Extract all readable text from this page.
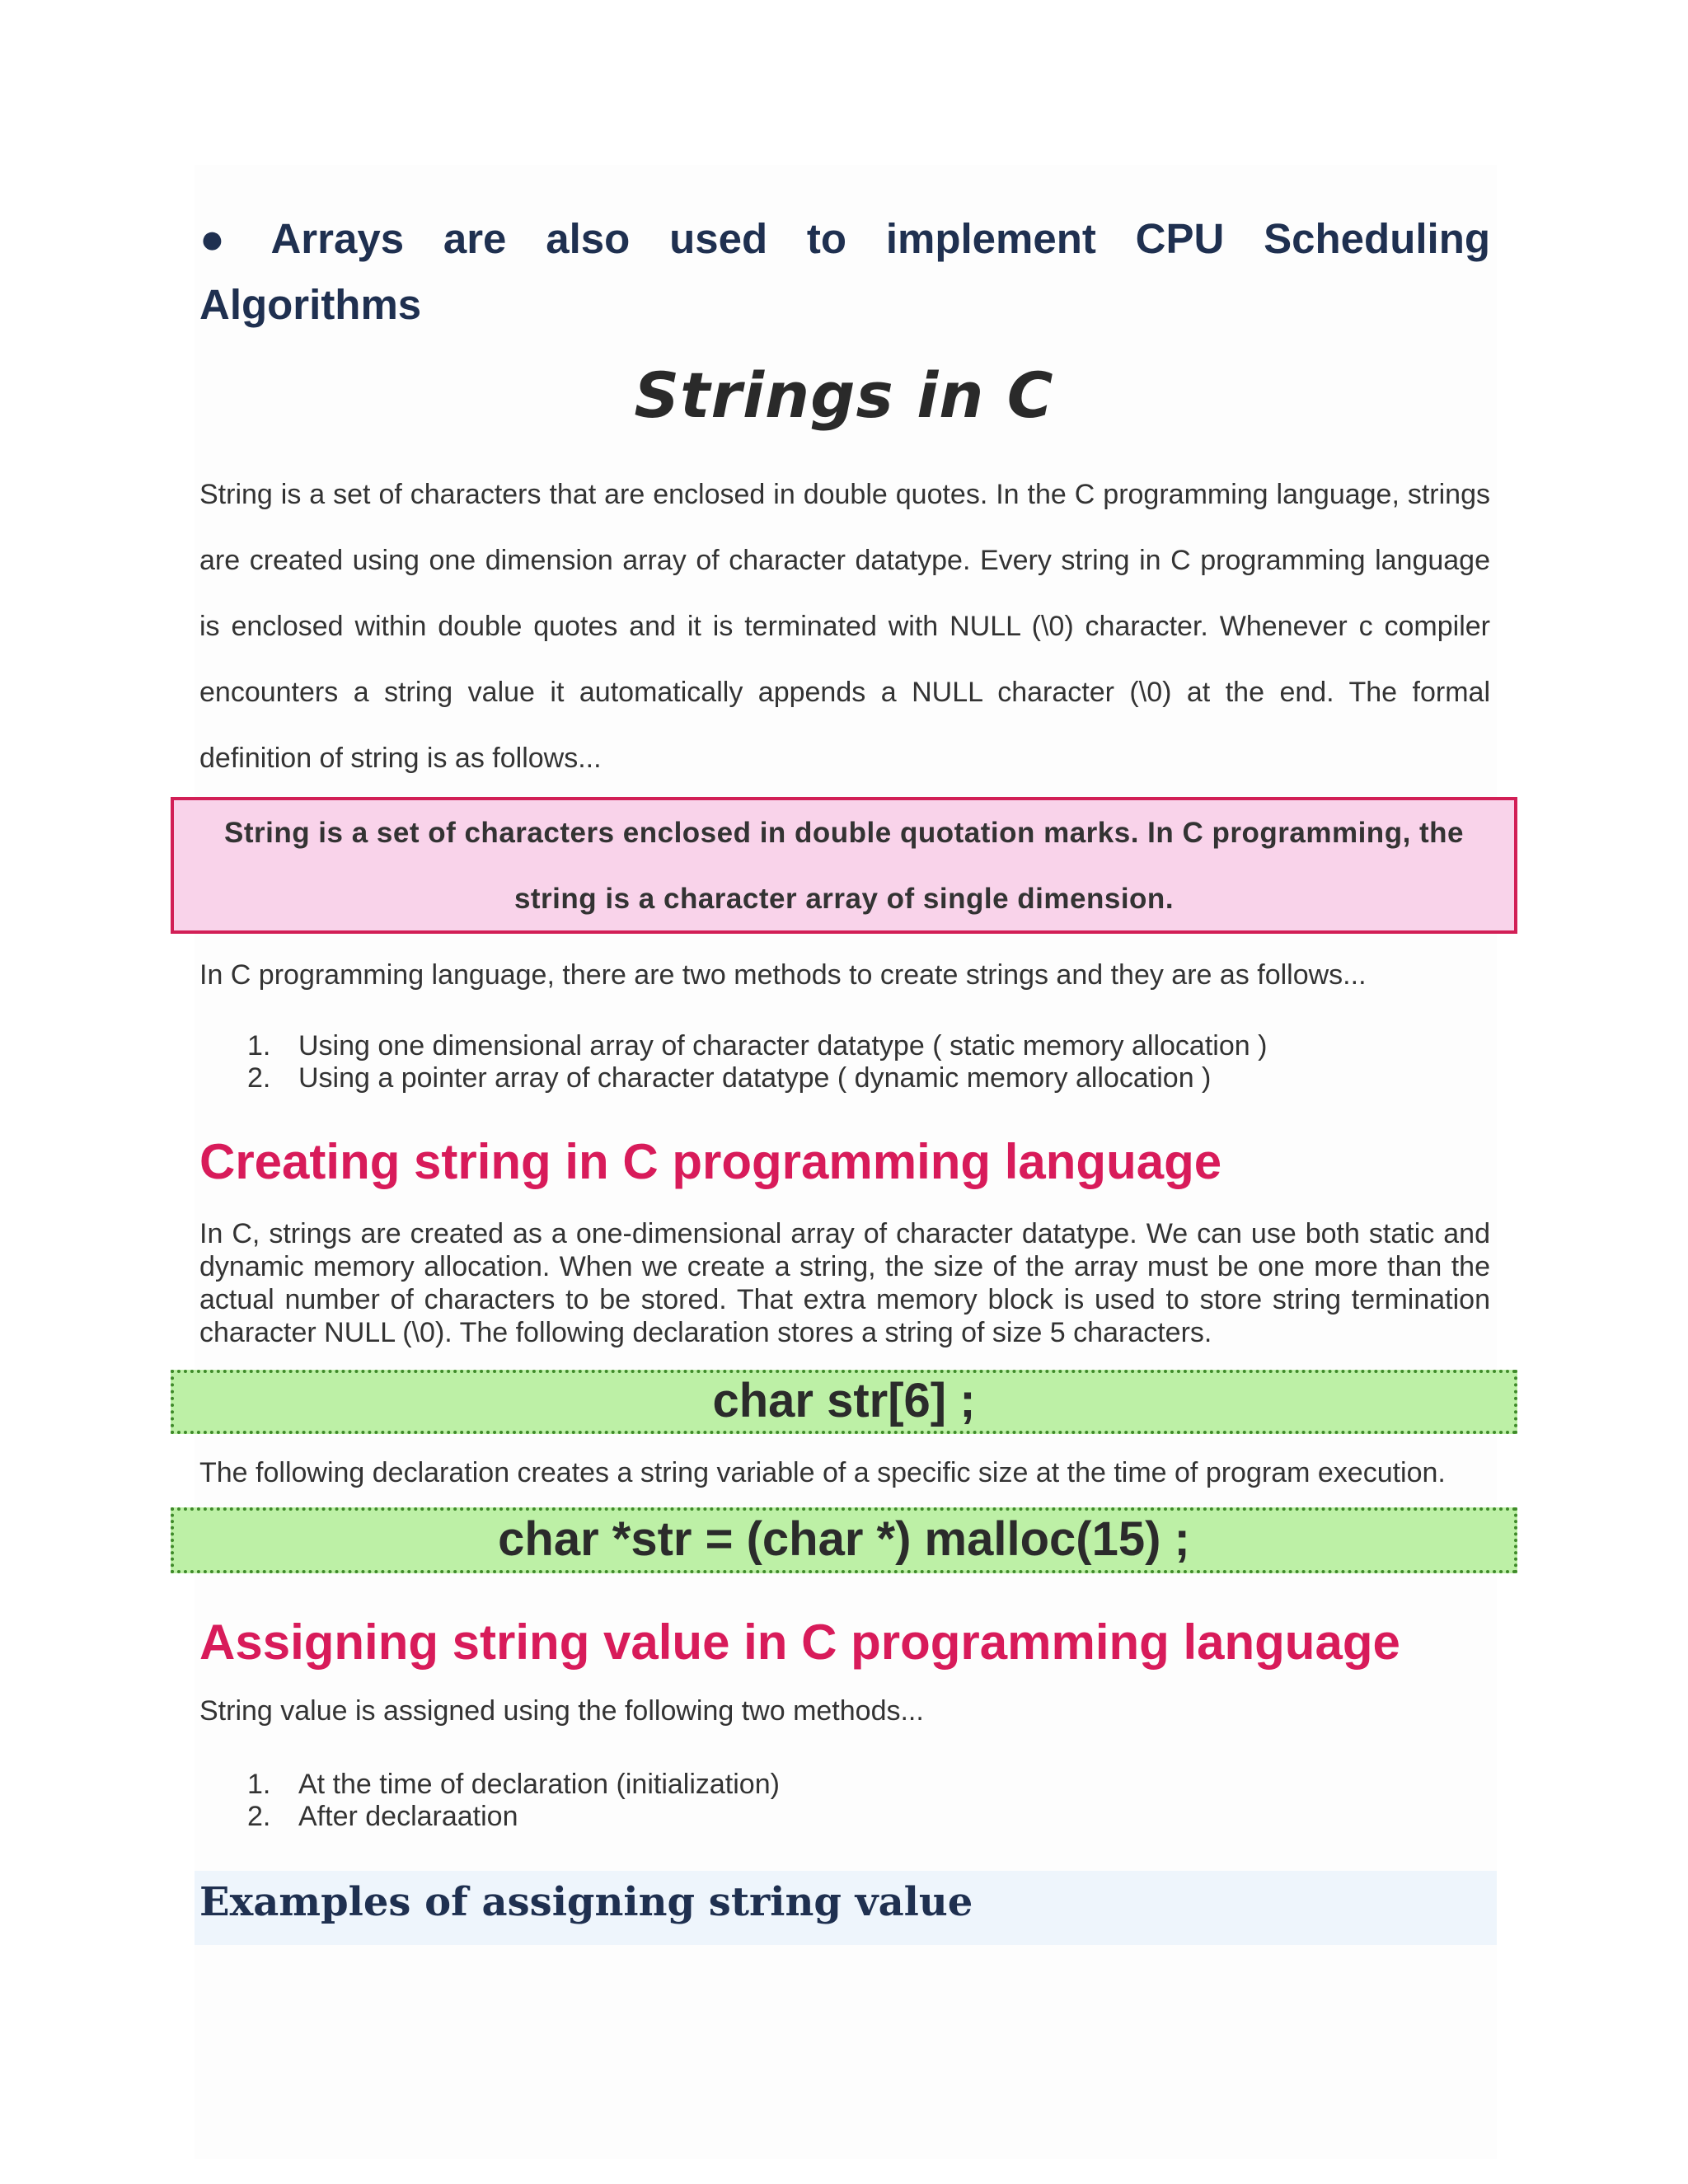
● Arrays are also used to implement CPU Scheduling Algorithms
Strings in C
String is a set of characters that are enclosed in double quotes. In the C programming language, strings are created using one dimension array of character datatype. Every string in C programming language is enclosed within double quotes and it is terminated with NULL (\0) character. Whenever c compiler encounters a string value it automatically appends a NULL character (\0) at the end. The formal definition of string is as follows...
String is a set of characters enclosed in double quotation marks. In C programming, the string is a character array of single dimension.
In C programming language, there are two methods to create strings and they are as follows...
1. Using one dimensional array of character datatype ( static memory allocation )
2. Using a pointer array of character datatype ( dynamic memory allocation )
Creating string in C programming language
In C, strings are created as a one-dimensional array of character datatype. We can use both static and dynamic memory allocation. When we create a string, the size of the array must be one more than the actual number of characters to be stored. That extra memory block is used to store string termination character NULL (\0). The following declaration stores a string of size 5 characters.
char str[6] ;
The following declaration creates a string variable of a specific size at the time of program execution.
char *str = (char *) malloc(15) ;
Assigning string value in C programming language
String value is assigned using the following two methods...
1. At the time of declaration (initialization)
2. After declaraation
Examples of assigning string value
